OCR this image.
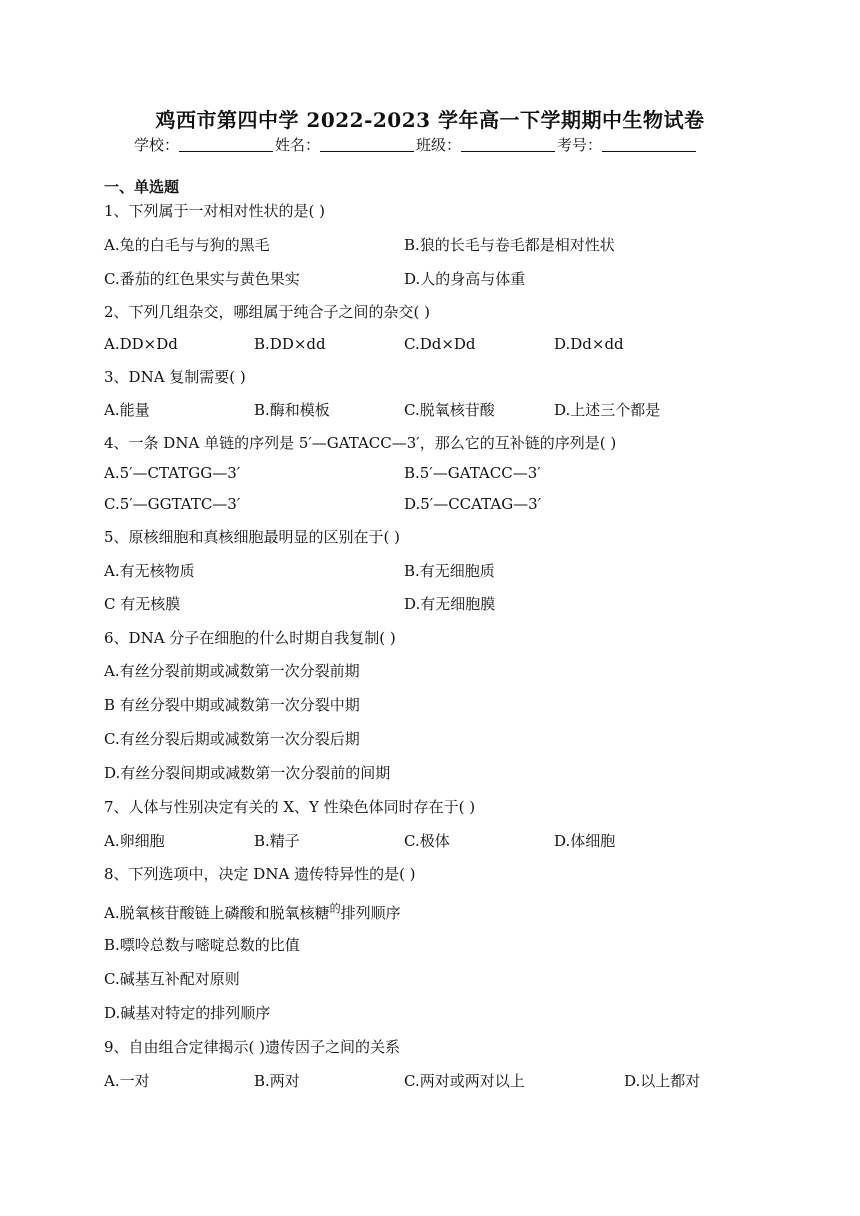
鸡西市第四中学 2022-2023 学年高一下学期期中生物试卷
学校：	姓名：	班级：	考号：
一、单选题
1、下列属于一对相对性状的是( )
A.兔的白毛与与狗的黑毛	B.狼的长毛与卷毛都是相对性状
C.番茄的红色果实与黄色果实	D.人的身高与体重
2、下列几组杂交，哪组属于纯合子之间的杂交( )
A.DD×Dd	B.DD×dd	C.Dd×Dd	D.Dd×dd
3、DNA 复制需要( )
A.能量	B.酶和模板	C.脱氧核苷酸	D.上述三个都是
4、一条 DNA 单链的序列是 5′—GATACC—3′，那么它的互补链的序列是( )
A.5′—CTATGG—3′	B.5′—GATACC—3′
C.5′—GGTATC—3′	D.5′—CCATAG—3′
5、原核细胞和真核细胞最明显的区别在于( )
A.有无核物质	B.有无细胞质
C 有无核膜	D.有无细胞膜
6、DNA 分子在细胞的什么时期自我复制( )
A.有丝分裂前期或减数第一次分裂前期
B 有丝分裂中期或减数第一次分裂中期
C.有丝分裂后期或减数第一次分裂后期
D.有丝分裂间期或减数第一次分裂前的间期
7、人体与性别决定有关的 X、Y 性染色体同时存在于( )
A.卵细胞	B.精子	C.极体	D.体细胞
8、下列选项中，决定 DNA 遗传特异性的是( )
A.脱氧核苷酸链上磷酸和脱氧核糖$^的$排列顺序
B.嘌呤总数与嘧啶总数的比值
C.碱基互补配对原则
D.碱基对特定的排列顺序
9、自由组合定律揭示( )遗传因子之间的关系
A.一对	B.两对	C.两对或两对以上	D.以上都对
